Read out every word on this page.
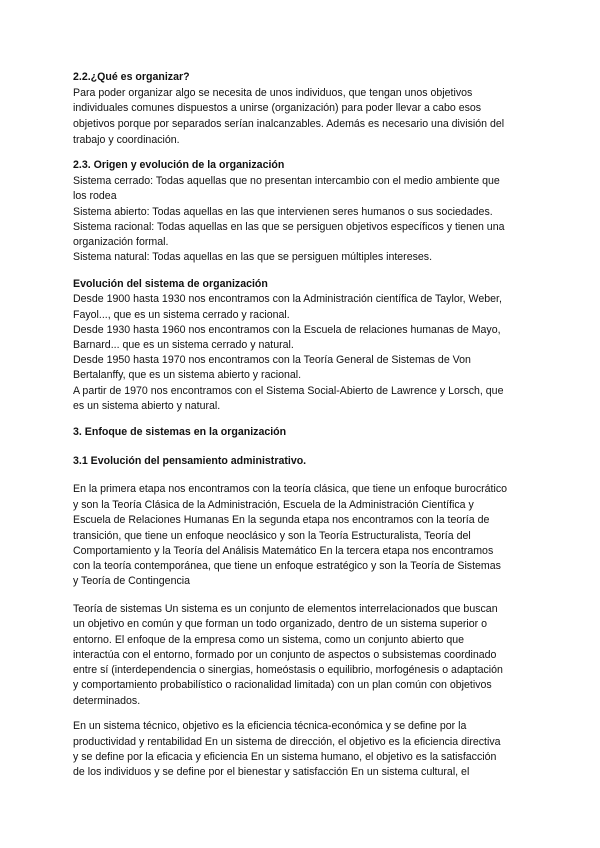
2.2.¿Qué es organizar?
Para poder organizar algo se necesita de unos individuos, que tengan unos objetivos
individuales comunes dispuestos a unirse (organización) para poder llevar a cabo esos
objetivos porque por separados serían inalcanzables. Además es necesario una división del
trabajo y coordinación.
2.3. Origen y evolución de la organización
Sistema cerrado: Todas aquellas que no presentan intercambio con el medio ambiente que
los rodea
Sistema abierto: Todas aquellas en las que intervienen seres humanos o sus sociedades.
Sistema racional: Todas aquellas en las que se persiguen objetivos específicos y tienen una
organización formal.
Sistema natural: Todas aquellas en las que se persiguen múltiples intereses.
Evolución del sistema de organización
Desde 1900 hasta 1930 nos encontramos con la Administración científica de Taylor, Weber,
Fayol..., que es un sistema cerrado y racional.
Desde 1930 hasta 1960 nos encontramos con la Escuela de relaciones humanas de Mayo,
Barnard... que es un sistema cerrado y natural.
Desde 1950 hasta 1970 nos encontramos con la Teoría General de Sistemas de Von
Bertalanffy, que es un sistema abierto y racional.
A partir de 1970 nos encontramos con el Sistema Social-Abierto de Lawrence y Lorsch, que
es un sistema abierto y natural.
3. Enfoque de sistemas en la organización
3.1 Evolución del pensamiento administrativo.
En la primera etapa nos encontramos con la teoría clásica, que tiene un enfoque burocrático
y son la Teoría Clásica de la Administración, Escuela de la Administración Científica y
Escuela de Relaciones Humanas En la segunda etapa nos encontramos con la teoría de
transición, que tiene un enfoque neoclásico y son la Teoría Estructuralista, Teoría del
Comportamiento y la Teoría del Análisis Matemático En la tercera etapa nos encontramos
con la teoría contemporánea, que tiene un enfoque estratégico y son la Teoría de Sistemas
y Teoría de Contingencia
Teoría de sistemas Un sistema es un conjunto de elementos interrelacionados que buscan
un objetivo en común y que forman un todo organizado, dentro de un sistema superior o
entorno. El enfoque de la empresa como un sistema, como un conjunto abierto que
interactúa con el entorno, formado por un conjunto de aspectos o subsistemas coordinado
entre sí (interdependencia o sinergias, homeóstasis o equilibrio, morfogénesis o adaptación
y comportamiento probabilístico o racionalidad limitada) con un plan común con objetivos
determinados.
En un sistema técnico, objetivo es la eficiencia técnica-económica y se define por la
productividad y rentabilidad En un sistema de dirección, el objetivo es la eficiencia directiva
y se define por la eficacia y eficiencia En un sistema humano, el objetivo es la satisfacción
de los individuos y se define por el bienestar y satisfacción En un sistema cultural, el
